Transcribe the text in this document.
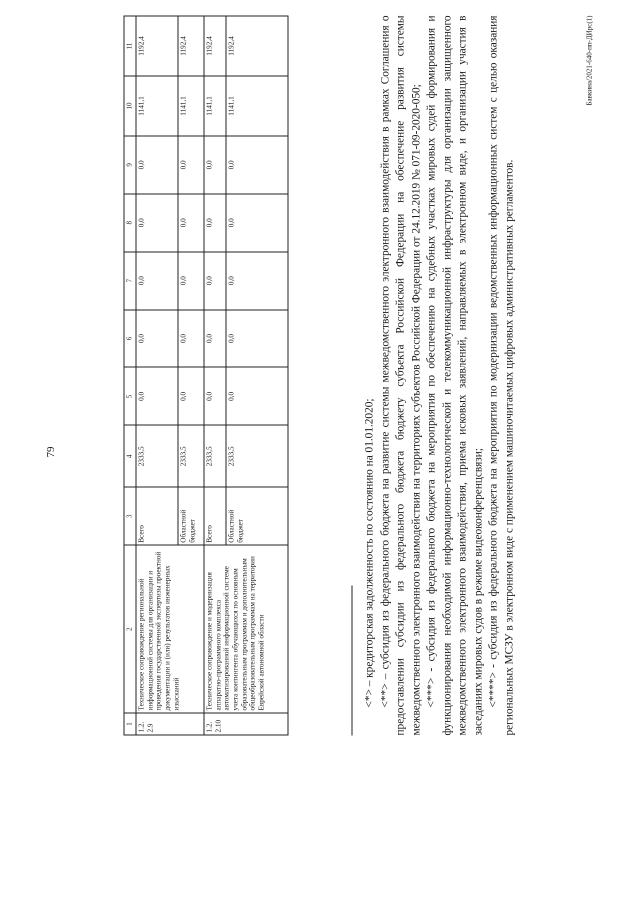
79
1	2	3	4	5	6	7	8	9	10	11
1.2. 2.9	Техническое сопровождение региональной информационной системы для организации и проведения государственной экспертизы проектной документации и (или) результатов инженерных изысканий	Всего	2333,5	0,0	0,0	0,0	0,0	0,0	1141,1	1192,4
		Областной бюджет	2333,5	0,0	0,0	0,0	0,0	0,0	1141,1	1192,4
1.2. 2.10	Техническое сопровождение и модернизация аппаратно-программного комплекса автоматизированной информационной системе учета контингента обучающихся по основным образовательным программам и дополнительным общеобразовательным программам на территории Еврейской автономной области	Всего	2333,5	0,0	0,0	0,0	0,0	0,0	1141,1	1192,4
		Областной бюджет	2333,5	0,0	0,0	0,0	0,0	0,0	1141,1	1192,4

<*> – кредиторская задолженность по состоянию на 01.01.2020; <**> – субсидия из федерального бюджета на развитие системы межведомственного электронного взаимодействия в рамках Соглашения о предоставлении субсидии из федерального бюджета бюджету субъекта Российской Федерации на обеспечение развития системы межведомственного электронного взаимодействия на территориях субъектов Российской Федерации от 24.12.2019 № 071-09-2020-050; <***> - субсидия из федерального бюджета на мероприятия по обеспечению на судебных участках мировых судей формирования и функционирования необходимой информационно-технологической и телекоммуникационной инфраструктуры для организации защищенного межведомственного электронного взаимодействия, приема исковых заявлений, направляемых в электронном виде, и организации участия в заседаниях мировых судов в режиме видеоконференцсвязи; <****> - субсидия из федерального бюджета на мероприятия по модернизации ведомственных информационных систем с целью оказания региональных МСЗУ в электронном виде с применением машиночитаемых цифровых административных регламентов.

Бавкина/2021-640-пп-ДИрс(1)
